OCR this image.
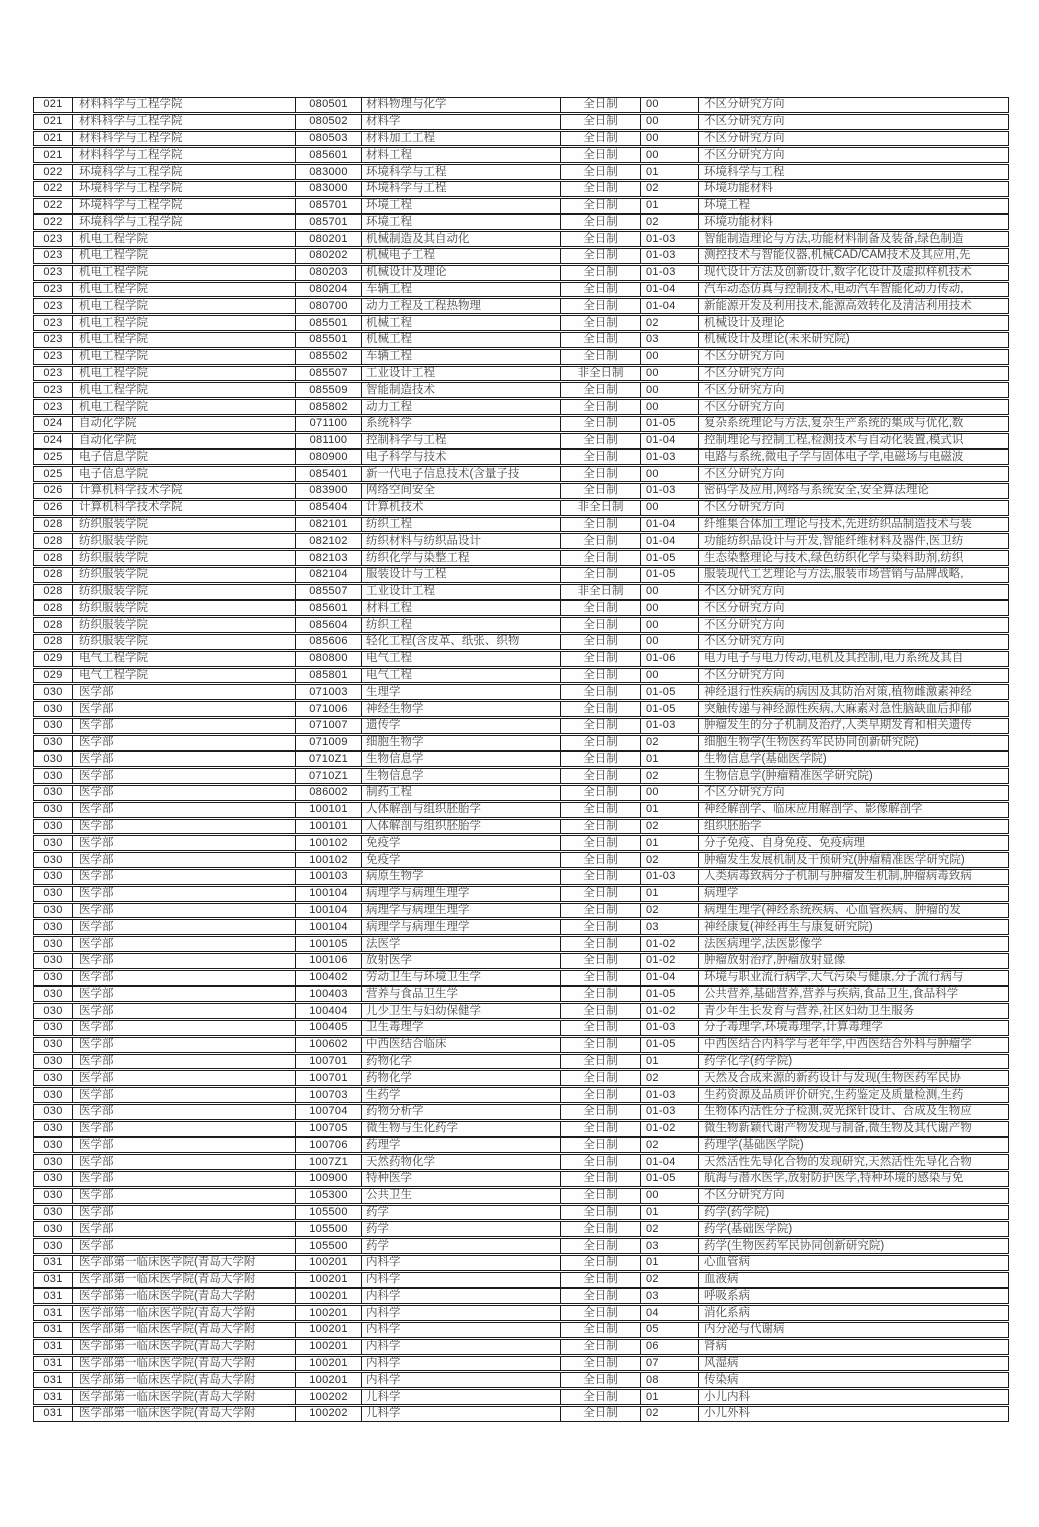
021	材料科学与工程学院	080501	材料物理与化学	全日制	00	不区分研究方向
021	材料科学与工程学院	080502	材料学	全日制	00	不区分研究方向
021	材料科学与工程学院	080503	材料加工工程	全日制	00	不区分研究方向
021	材料科学与工程学院	085601	材料工程	全日制	00	不区分研究方向
022	环境科学与工程学院	083000	环境科学与工程	全日制	01	环境科学与工程
022	环境科学与工程学院	083000	环境科学与工程	全日制	02	环境功能材料
022	环境科学与工程学院	085701	环境工程	全日制	01	环境工程
022	环境科学与工程学院	085701	环境工程	全日制	02	环境功能材料
023	机电工程学院	080201	机械制造及其自动化	全日制	01-03	智能制造理论与方法,功能材料制备及装备,绿色制造
023	机电工程学院	080202	机械电子工程	全日制	01-03	测控技术与智能仪器,机械CAD/CAM技术及其应用,先
023	机电工程学院	080203	机械设计及理论	全日制	01-03	现代设计方法及创新设计,数字化设计及虚拟样机技术
023	机电工程学院	080204	车辆工程	全日制	01-04	汽车动态仿真与控制技术,电动汽车智能化动力传动,
023	机电工程学院	080700	动力工程及工程热物理	全日制	01-04	新能源开发及利用技术,能源高效转化及清洁利用技术
023	机电工程学院	085501	机械工程	全日制	02	机械设计及理论
023	机电工程学院	085501	机械工程	全日制	03	机械设计及理论(未来研究院)
023	机电工程学院	085502	车辆工程	全日制	00	不区分研究方向
023	机电工程学院	085507	工业设计工程	非全日制	00	不区分研究方向
023	机电工程学院	085509	智能制造技术	全日制	00	不区分研究方向
023	机电工程学院	085802	动力工程	全日制	00	不区分研究方向
024	自动化学院	071100	系统科学	全日制	01-05	复杂系统理论与方法,复杂生产系统的集成与优化,数
024	自动化学院	081100	控制科学与工程	全日制	01-04	控制理论与控制工程,检测技术与自动化装置,模式识
025	电子信息学院	080900	电子科学与技术	全日制	01-03	电路与系统,微电子学与固体电子学,电磁场与电磁波
025	电子信息学院	085401	新一代电子信息技术(含量子技	全日制	00	不区分研究方向
026	计算机科学技术学院	083900	网络空间安全	全日制	01-03	密码学及应用,网络与系统安全,安全算法理论
026	计算机科学技术学院	085404	计算机技术	非全日制	00	不区分研究方向
028	纺织服装学院	082101	纺织工程	全日制	01-04	纤维集合体加工理论与技术,先进纺织品制造技术与装
028	纺织服装学院	082102	纺织材料与纺织品设计	全日制	01-04	功能纺织品设计与开发,智能纤维材料及器件,医卫纺
028	纺织服装学院	082103	纺织化学与染整工程	全日制	01-05	生态染整理论与技术,绿色纺织化学与染料助剂,纺织
028	纺织服装学院	082104	服装设计与工程	全日制	01-05	服装现代工艺理论与方法,服装市场营销与品牌战略,
028	纺织服装学院	085507	工业设计工程	非全日制	00	不区分研究方向
028	纺织服装学院	085601	材料工程	全日制	00	不区分研究方向
028	纺织服装学院	085604	纺织工程	全日制	00	不区分研究方向
028	纺织服装学院	085606	轻化工程(含皮革、纸张、织物	全日制	00	不区分研究方向
029	电气工程学院	080800	电气工程	全日制	01-06	电力电子与电力传动,电机及其控制,电力系统及其自
029	电气工程学院	085801	电气工程	全日制	00	不区分研究方向
030	医学部	071003	生理学	全日制	01-05	神经退行性疾病的病因及其防治对策,植物雌激素神经
030	医学部	071006	神经生物学	全日制	01-05	突触传递与神经源性疾病,大麻素对急性脑缺血后抑郁
030	医学部	071007	遗传学	全日制	01-03	肿瘤发生的分子机制及治疗,人类早期发育和相关遗传
030	医学部	071009	细胞生物学	全日制	02	细胞生物学(生物医药军民协同创新研究院)
030	医学部	0710Z1	生物信息学	全日制	01	生物信息学(基础医学院)
030	医学部	0710Z1	生物信息学	全日制	02	生物信息学(肿瘤精准医学研究院)
030	医学部	086002	制药工程	全日制	00	不区分研究方向
030	医学部	100101	人体解剖与组织胚胎学	全日制	01	神经解剖学、临床应用解剖学、影像解剖学
030	医学部	100101	人体解剖与组织胚胎学	全日制	02	组织胚胎学
030	医学部	100102	免疫学	全日制	01	分子免疫、自身免疫、免疫病理
030	医学部	100102	免疫学	全日制	02	肿瘤发生发展机制及干预研究(肿瘤精准医学研究院)
030	医学部	100103	病原生物学	全日制	01-03	人类病毒致病分子机制与肿瘤发生机制,肿瘤病毒致病
030	医学部	100104	病理学与病理生理学	全日制	01	病理学
030	医学部	100104	病理学与病理生理学	全日制	02	病理生理学(神经系统疾病、心血管疾病、肿瘤的发
030	医学部	100104	病理学与病理生理学	全日制	03	神经康复(神经再生与康复研究院)
030	医学部	100105	法医学	全日制	01-02	法医病理学,法医影像学
030	医学部	100106	放射医学	全日制	01-02	肿瘤放射治疗,肿瘤放射显像
030	医学部	100402	劳动卫生与环境卫生学	全日制	01-04	环境与职业流行病学,大气污染与健康,分子流行病与
030	医学部	100403	营养与食品卫生学	全日制	01-05	公共营养,基础营养,营养与疾病,食品卫生,食品科学
030	医学部	100404	儿少卫生与妇幼保健学	全日制	01-02	青少年生长发育与营养,社区妇幼卫生服务
030	医学部	100405	卫生毒理学	全日制	01-03	分子毒理学,环境毒理学,计算毒理学
030	医学部	100602	中西医结合临床	全日制	01-05	中西医结合内科学与老年学,中西医结合外科与肿瘤学
030	医学部	100701	药物化学	全日制	01	药学化学(药学院)
030	医学部	100701	药物化学	全日制	02	天然及合成来源的新药设计与发现(生物医药军民协
030	医学部	100703	生药学	全日制	01-03	生药资源及品质评价研究,生药鉴定及质量检测,生药
030	医学部	100704	药物分析学	全日制	01-03	生物体内活性分子检测,荧光探针设计、合成及生物应
030	医学部	100705	微生物与生化药学	全日制	01-02	微生物新颖代谢产物发现与制备,微生物及其代谢产物
030	医学部	100706	药理学	全日制	02	药理学(基础医学院)
030	医学部	1007Z1	天然药物化学	全日制	01-04	天然活性先导化合物的发现研究,天然活性先导化合物
030	医学部	100900	特种医学	全日制	01-05	航海与潜水医学,放射防护医学,特种环境的感染与免
030	医学部	105300	公共卫生	全日制	00	不区分研究方向
030	医学部	105500	药学	全日制	01	药学(药学院)
030	医学部	105500	药学	全日制	02	药学(基础医学院)
030	医学部	105500	药学	全日制	03	药学(生物医药军民协同创新研究院)
031	医学部第一临床医学院(青岛大学附	100201	内科学	全日制	01	心血管病
031	医学部第一临床医学院(青岛大学附	100201	内科学	全日制	02	血液病
031	医学部第一临床医学院(青岛大学附	100201	内科学	全日制	03	呼吸系病
031	医学部第一临床医学院(青岛大学附	100201	内科学	全日制	04	消化系病
031	医学部第一临床医学院(青岛大学附	100201	内科学	全日制	05	内分泌与代谢病
031	医学部第一临床医学院(青岛大学附	100201	内科学	全日制	06	肾病
031	医学部第一临床医学院(青岛大学附	100201	内科学	全日制	07	风湿病
031	医学部第一临床医学院(青岛大学附	100201	内科学	全日制	08	传染病
031	医学部第一临床医学院(青岛大学附	100202	儿科学	全日制	01	小儿内科
031	医学部第一临床医学院(青岛大学附	100202	儿科学	全日制	02	小儿外科
